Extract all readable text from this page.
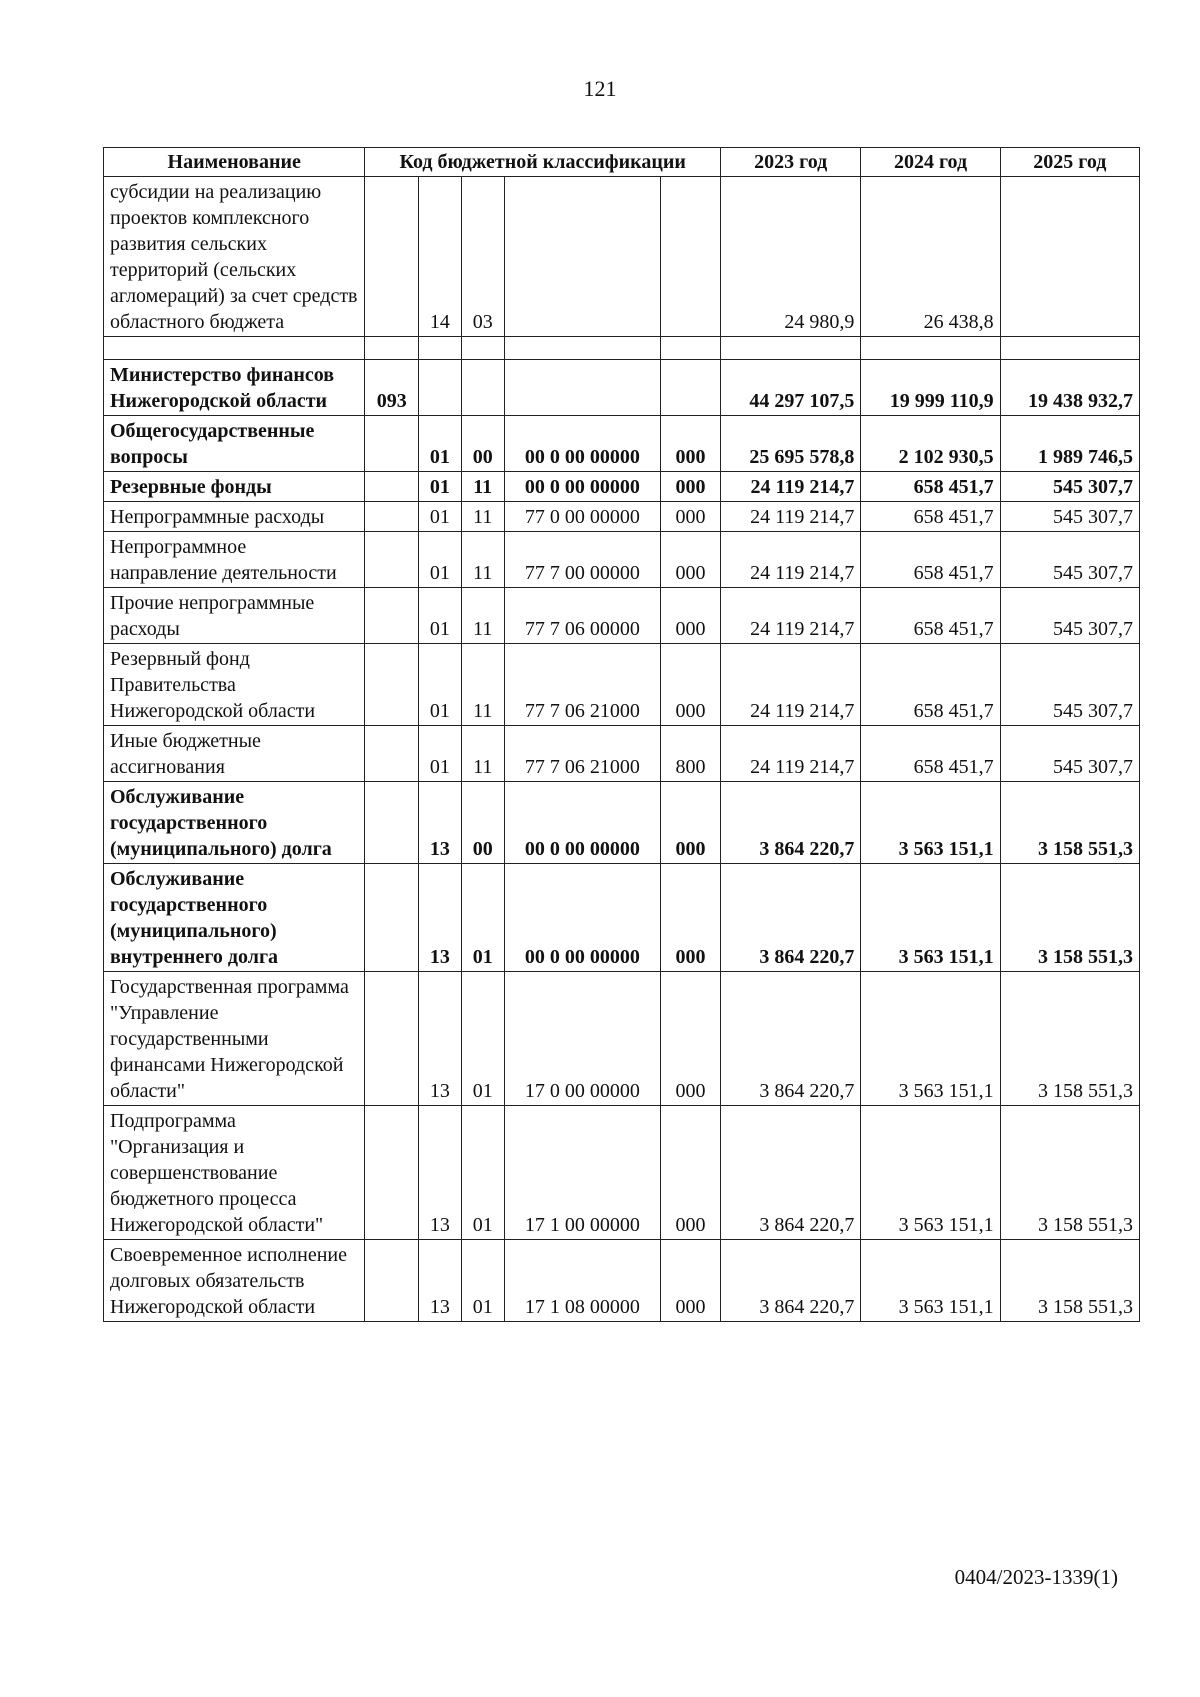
121
Наименование	Код бюджетной классификации					2023 год	2024 год	2025 год
субсидии на реализацию проектов комплексного развития сельских территорий (сельских агломераций) за счет средств областного бюджета		14	03			24 980,9	26 438,8	

Министерство финансов Нижегородской области	093					44 297 107,5	19 999 110,9	19 438 932,7
Общегосударственные вопросы		01	00	00 0 00 00000	000	25 695 578,8	2 102 930,5	1 989 746,5
Резервные фонды		01	11	00 0 00 00000	000	24 119 214,7	658 451,7	545 307,7
Непрограммные расходы		01	11	77 0 00 00000	000	24 119 214,7	658 451,7	545 307,7
Непрограммное направление деятельности		01	11	77 7 00 00000	000	24 119 214,7	658 451,7	545 307,7
Прочие непрограммные расходы		01	11	77 7 06 00000	000	24 119 214,7	658 451,7	545 307,7
Резервный фонд Правительства Нижегородской области		01	11	77 7 06 21000	000	24 119 214,7	658 451,7	545 307,7
Иные бюджетные ассигнования		01	11	77 7 06 21000	800	24 119 214,7	658 451,7	545 307,7
Обслуживание государственного (муниципального) долга		13	00	00 0 00 00000	000	3 864 220,7	3 563 151,1	3 158 551,3
Обслуживание государственного (муниципального) внутреннего долга		13	01	00 0 00 00000	000	3 864 220,7	3 563 151,1	3 158 551,3
Государственная программа "Управление государственными финансами Нижегородской области"		13	01	17 0 00 00000	000	3 864 220,7	3 563 151,1	3 158 551,3
Подпрограмма "Организация и совершенствование бюджетного процесса Нижегородской области"		13	01	17 1 00 00000	000	3 864 220,7	3 563 151,1	3 158 551,3
Своевременное исполнение долговых обязательств Нижегородской области		13	01	17 1 08 00000	000	3 864 220,7	3 563 151,1	3 158 551,3
0404/2023-1339(1)
